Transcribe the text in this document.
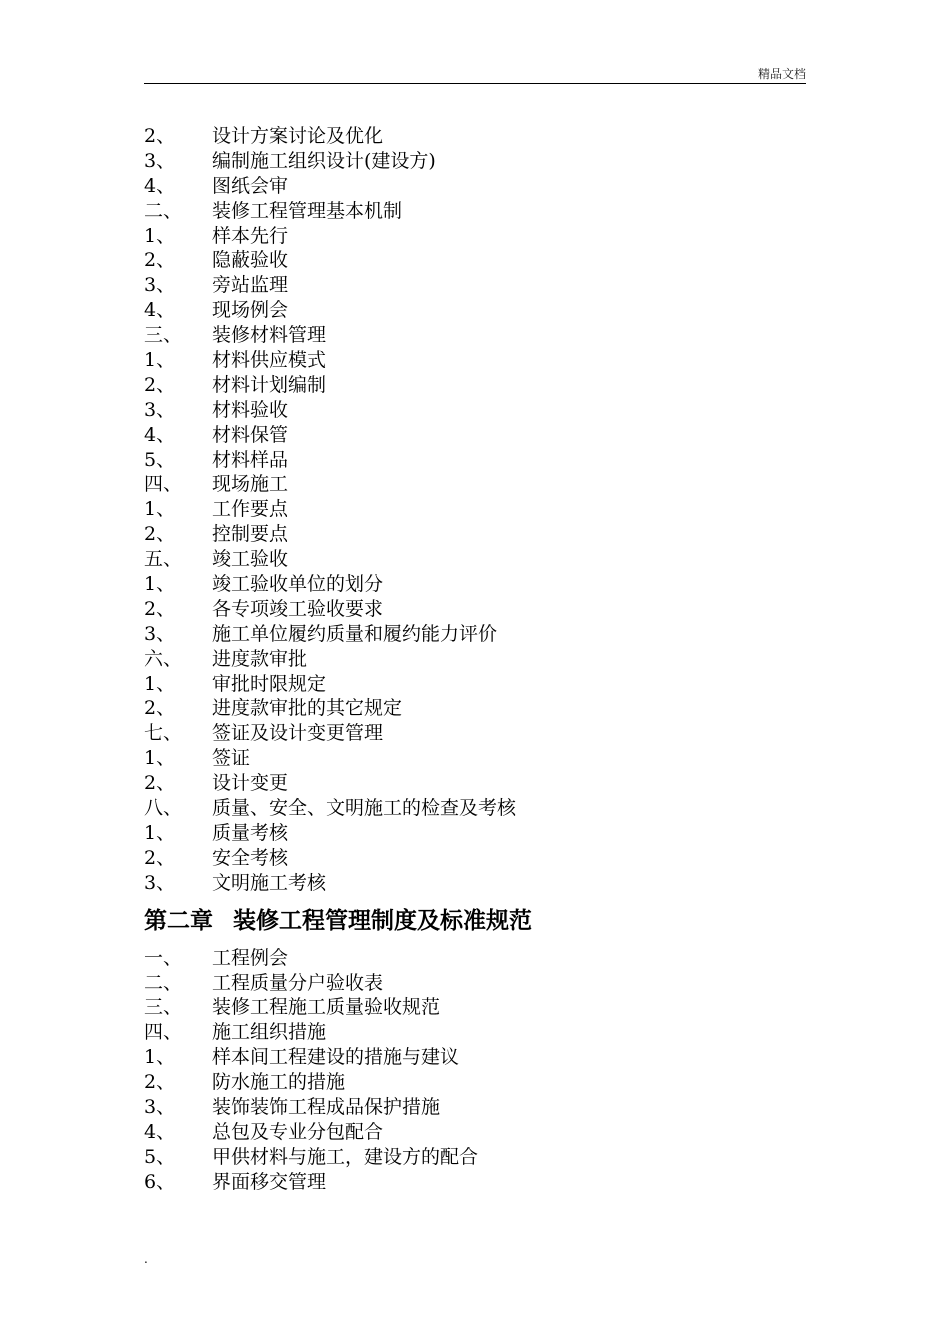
精品文档
2、	设计方案讨论及优化
3、	编制施工组织设计(建设方)
4、	图纸会审
二、	装修工程管理基本机制
1、	样本先行
2、	隐蔽验收
3、	旁站监理
4、	现场例会
三、	装修材料管理
1、	材料供应模式
2、	材料计划编制
3、	材料验收
4、	材料保管
5、	材料样品
四、	现场施工
1、	工作要点
2、	控制要点
五、	竣工验收
1、	竣工验收单位的划分
2、	各专项竣工验收要求
3、	施工单位履约质量和履约能力评价
六、	进度款审批
1、	审批时限规定
2、	进度款审批的其它规定
七、	签证及设计变更管理
1、	签证
2、	设计变更
八、	质量、安全、文明施工的检查及考核
1、	质量考核
2、	安全考核
3、	文明施工考核
第二章 装修工程管理制度及标准规范
一、	工程例会
二、	工程质量分户验收表
三、	装修工程施工质量验收规范
四、	施工组织措施
1、	样本间工程建设的措施与建议
2、	防水施工的措施
3、	装饰装饰工程成品保护措施
4、	总包及专业分包配合
5、	甲供材料与施工，建设方的配合
6、	界面移交管理
.
